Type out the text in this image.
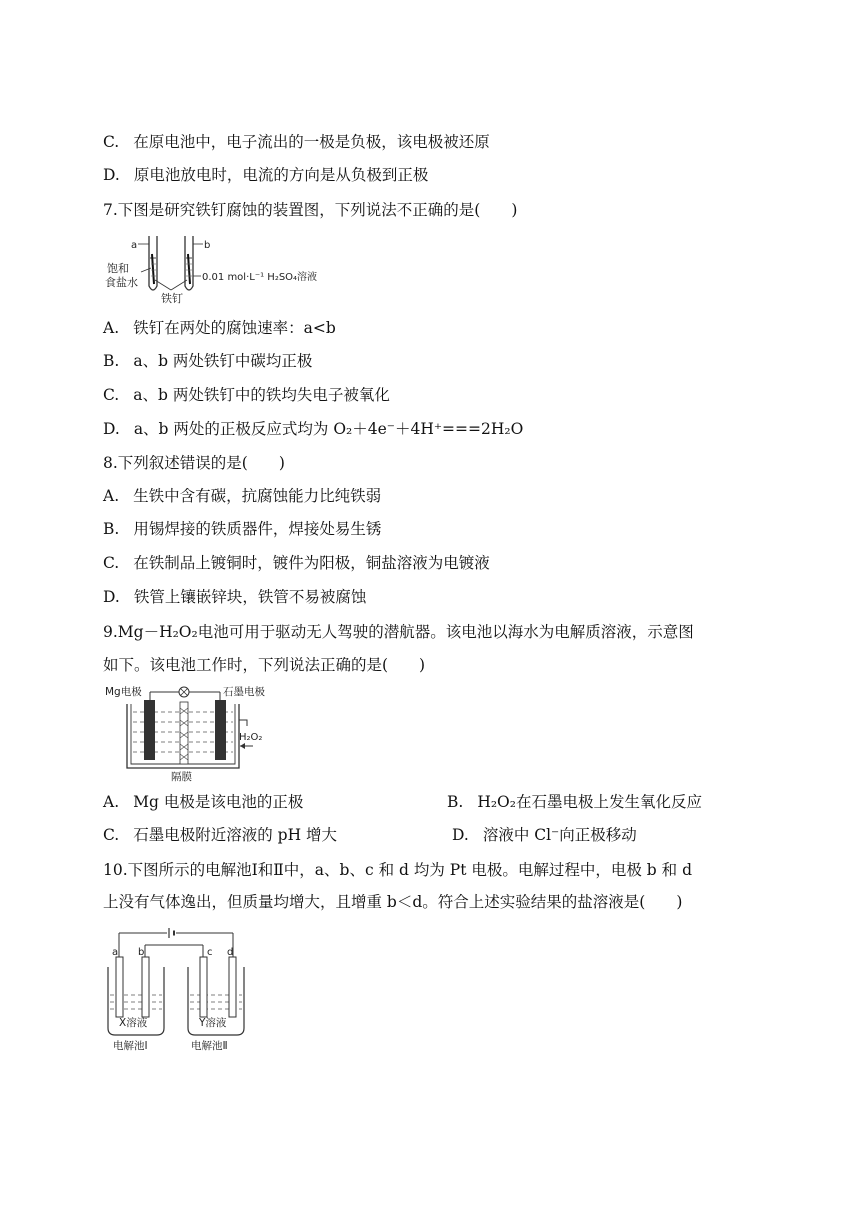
C. 在原电池中，电子流出的一极是负极，该电极被还原
D. 原电池放电时，电流的方向是从负极到正极
7.下图是研究铁钉腐蚀的装置图，下列说法不正确的是(　　)
a	b
饱和
食盐水	0.01 mol·L⁻¹ H₂SO₄溶液
铁钉
A. 铁钉在两处的腐蚀速率：a<b
B. a、b 两处铁钉中碳均正极
C. a、b 两处铁钉中的铁均失电子被氧化
D. a、b 两处的正极反应式均为 O₂＋4e⁻＋4H⁺===2H₂O
8.下列叙述错误的是(　　)
A. 生铁中含有碳，抗腐蚀能力比纯铁弱
B. 用锡焊接的铁质器件，焊接处易生锈
C. 在铁制品上镀铜时，镀件为阳极，铜盐溶液为电镀液
D. 铁管上镶嵌锌块，铁管不易被腐蚀
9.Mg－H₂O₂电池可用于驱动无人驾驶的潜航器。该电池以海水为电解质溶液，示意图
如下。该电池工作时，下列说法正确的是(　　)
Mg电极	石墨电极
H₂O₂
隔膜
A. Mg 电极是该电池的正极	B. H₂O₂在石墨电极上发生氧化反应
C. 石墨电极附近溶液的 pH 增大	D. 溶液中 Cl⁻向正极移动
10.下图所示的电解池Ⅰ和Ⅱ中，a、b、c 和 d 均为 Pt 电极。电解过程中，电极 b 和 d
上没有气体逸出，但质量均增大，且增重 b＜d。符合上述实验结果的盐溶液是(　　)
a b	c d
X溶液	Y溶液
电解池Ⅰ	电解池Ⅱ
